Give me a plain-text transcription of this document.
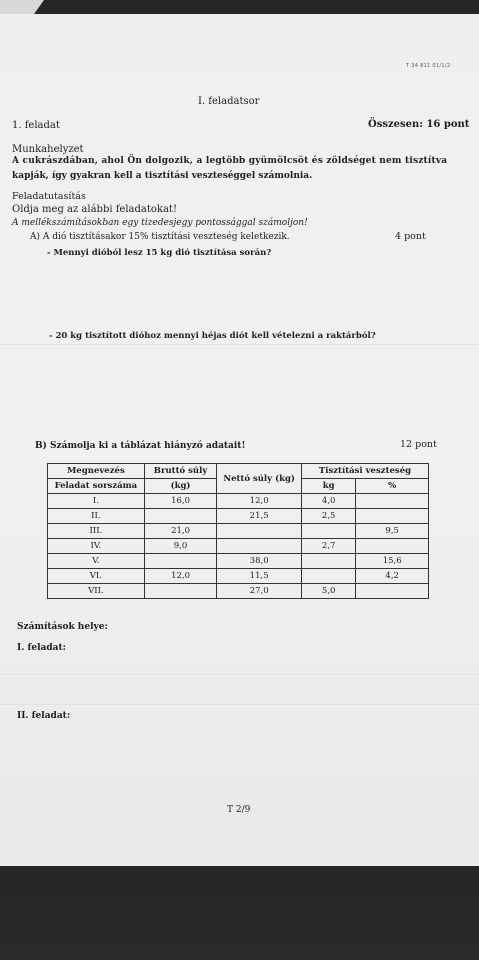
T 34 811 01/1/2
I. feladatsor
1. feladat	Összesen: 16 pont
Munkahelyzet
A cukrászdában, ahol Ön dolgozik, a legtöbb gyümölcsöt és zöldséget nem tisztítva
kapják, így gyakran kell a tisztítási veszteséggel számolnia.
Feladatutasítás
Oldja meg az alábbi feladatokat!
A mellékszámításokban egy tizedesjegy pontossággal számoljon!
A) A dió tisztításakor 15% tisztítási veszteség keletkezik.	4 pont
- Mennyi dióból lesz 15 kg dió tisztítása során?
- 20 kg tisztított dióhoz mennyi héjas diót kell vételezni a raktárból?
B) Számolja ki a táblázat hiányzó adatait!	12 pont
Megnevezés	Bruttó súly	Nettó súly (kg)	Tisztítási veszteség	
Feladat sorszáma	(kg)		kg	%
I.	16,0	12,0	4,0	
II.		21,5	2,5	
III.	21,0			9,5
IV.	9,0		2,7	
V.		38,0		15,6
VI.	12,0	11,5		4,2
VII.		27,0	5,0	
Számítások helye:
I. feladat:
II. feladat:
T 2/9
